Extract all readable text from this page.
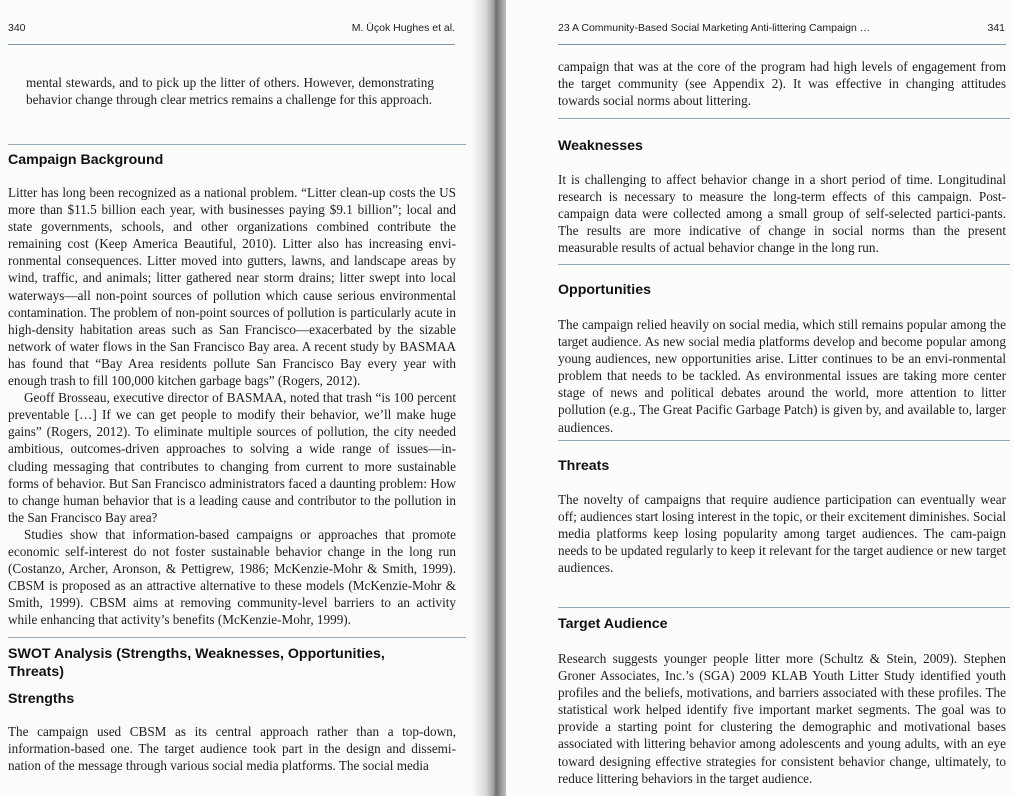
340	M. Üçok Hughes et al.
mental stewards, and to pick up the litter of others. However, demonstrating behavior change through clear metrics remains a challenge for this approach.
Campaign Background

Litter has long been recognized as a national problem. “Litter clean-up costs the US more than $11.5 billion each year, with businesses paying $9.1 billion”; local and state governments, schools, and other organizations combined contribute the remaining cost (Keep America Beautiful, 2010). Litter also has increasing envi-ronmental consequences. Litter moved into gutters, lawns, and landscape areas by wind, traffic, and animals; litter gathered near storm drains; litter swept into local waterways—all non-point sources of pollution which cause serious environmental contamination. The problem of non-point sources of pollution is particularly acute in high-density habitation areas such as San Francisco—exacerbated by the sizable network of water flows in the San Francisco Bay area. A recent study by BASMAA has found that “Bay Area residents pollute San Francisco Bay every year with enough trash to fill 100,000 kitchen garbage bags” (Rogers, 2012).

Geoff Brosseau, executive director of BASMAA, noted that trash “is 100 percent preventable […] If we can get people to modify their behavior, we’ll make huge gains” (Rogers, 2012). To eliminate multiple sources of pollution, the city needed ambitious, outcomes-driven approaches to solving a wide range of issues—in-cluding messaging that contributes to changing from current to more sustainable forms of behavior. But San Francisco administrators faced a daunting problem: How to change human behavior that is a leading cause and contributor to the pollution in the San Francisco Bay area?

Studies show that information-based campaigns or approaches that promote economic self-interest do not foster sustainable behavior change in the long run (Costanzo, Archer, Aronson, & Pettigrew, 1986; McKenzie-Mohr & Smith, 1999). CBSM is proposed as an attractive alternative to these models (McKenzie-Mohr & Smith, 1999). CBSM aims at removing community-level barriers to an activity while enhancing that activity’s benefits (McKenzie-Mohr, 1999).

SWOT Analysis (Strengths, Weaknesses, Opportunities, Threats)
Strengths
The campaign used CBSM as its central approach rather than a top-down, information-based one. The target audience took part in the design and dissemi-nation of the message through various social media platforms. The social media
23 A Community-Based Social Marketing Anti-littering Campaign …	341
campaign that was at the core of the program had high levels of engagement from the target community (see Appendix 2). It was effective in changing attitudes towards social norms about littering.
Weaknesses
It is challenging to affect behavior change in a short period of time. Longitudinal research is necessary to measure the long-term effects of this campaign. Post-campaign data were collected among a small group of self-selected partici-pants. The results are more indicative of change in social norms than the present measurable results of actual behavior change in the long run.
Opportunities
The campaign relied heavily on social media, which still remains popular among the target audience. As new social media platforms develop and become popular among young audiences, new opportunities arise. Litter continues to be an envi-ronmental problem that needs to be tackled. As environmental issues are taking more center stage of news and political debates around the world, more attention to litter pollution (e.g., The Great Pacific Garbage Patch) is given by, and available to, larger audiences.
Threats
The novelty of campaigns that require audience participation can eventually wear off; audiences start losing interest in the topic, or their excitement diminishes. Social media platforms keep losing popularity among target audiences. The cam-paign needs to be updated regularly to keep it relevant for the target audience or new target audiences.
Target Audience
Research suggests younger people litter more (Schultz & Stein, 2009). Stephen Groner Associates, Inc.’s (SGA) 2009 KLAB Youth Litter Study identified youth profiles and the beliefs, motivations, and barriers associated with these profiles. The statistical work helped identify five important market segments. The goal was to provide a starting point for clustering the demographic and motivational bases associated with littering behavior among adolescents and young adults, with an eye toward designing effective strategies for consistent behavior change, ultimately, to reduce littering behaviors in the target audience.
